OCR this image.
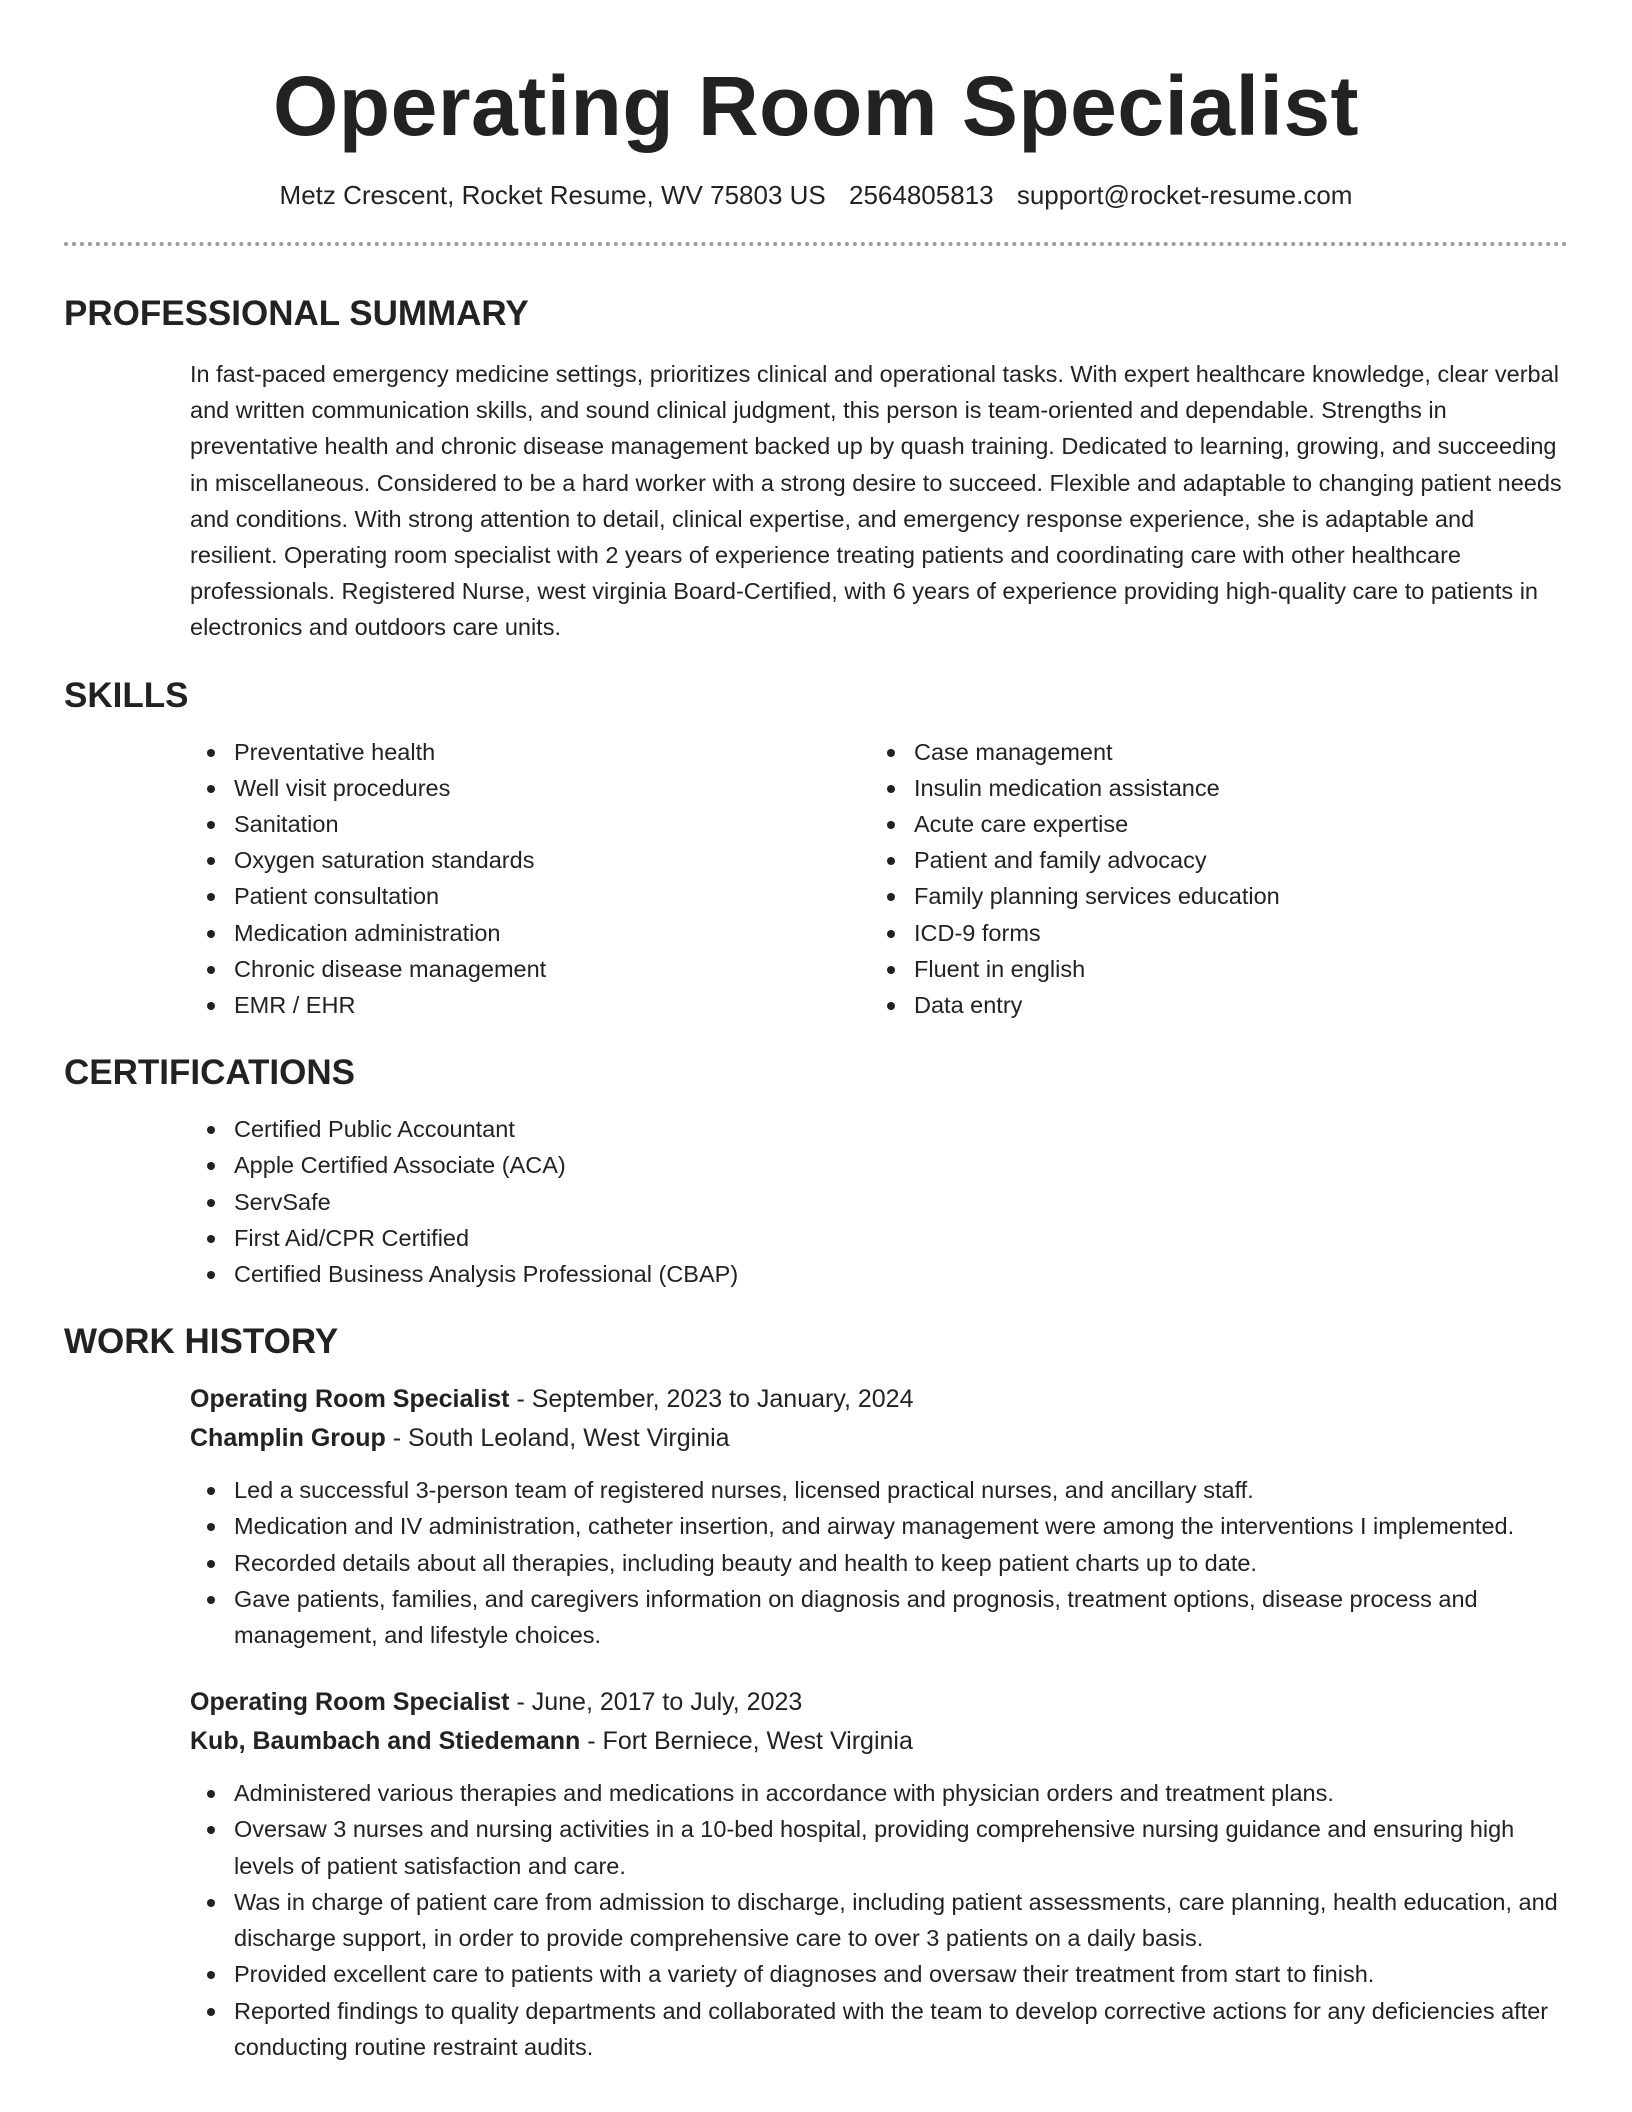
Operating Room Specialist
Metz Crescent, Rocket Resume, WV 75803 US 2564805813 support@rocket-resume.com
PROFESSIONAL SUMMARY
In fast-paced emergency medicine settings, prioritizes clinical and operational tasks. With expert healthcare knowledge, clear verbal and written communication skills, and sound clinical judgment, this person is team-oriented and dependable. Strengths in preventative health and chronic disease management backed up by quash training. Dedicated to learning, growing, and succeeding in miscellaneous. Considered to be a hard worker with a strong desire to succeed. Flexible and adaptable to changing patient needs and conditions. With strong attention to detail, clinical expertise, and emergency response experience, she is adaptable and resilient. Operating room specialist with 2 years of experience treating patients and coordinating care with other healthcare professionals. Registered Nurse, west virginia Board-Certified, with 6 years of experience providing high-quality care to patients in electronics and outdoors care units.
SKILLS
Preventative health
Well visit procedures
Sanitation
Oxygen saturation standards
Patient consultation
Medication administration
Chronic disease management
EMR / EHR
Case management
Insulin medication assistance
Acute care expertise
Patient and family advocacy
Family planning services education
ICD-9 forms
Fluent in english
Data entry
CERTIFICATIONS
Certified Public Accountant
Apple Certified Associate (ACA)
ServSafe
First Aid/CPR Certified
Certified Business Analysis Professional (CBAP)
WORK HISTORY
Operating Room Specialist - September, 2023 to January, 2024
Champlin Group - South Leoland, West Virginia
Led a successful 3-person team of registered nurses, licensed practical nurses, and ancillary staff.
Medication and IV administration, catheter insertion, and airway management were among the interventions I implemented.
Recorded details about all therapies, including beauty and health to keep patient charts up to date.
Gave patients, families, and caregivers information on diagnosis and prognosis, treatment options, disease process and management, and lifestyle choices.
Operating Room Specialist - June, 2017 to July, 2023
Kub, Baumbach and Stiedemann - Fort Berniece, West Virginia
Administered various therapies and medications in accordance with physician orders and treatment plans.
Oversaw 3 nurses and nursing activities in a 10-bed hospital, providing comprehensive nursing guidance and ensuring high levels of patient satisfaction and care.
Was in charge of patient care from admission to discharge, including patient assessments, care planning, health education, and discharge support, in order to provide comprehensive care to over 3 patients on a daily basis.
Provided excellent care to patients with a variety of diagnoses and oversaw their treatment from start to finish.
Reported findings to quality departments and collaborated with the team to develop corrective actions for any deficiencies after conducting routine restraint audits.
